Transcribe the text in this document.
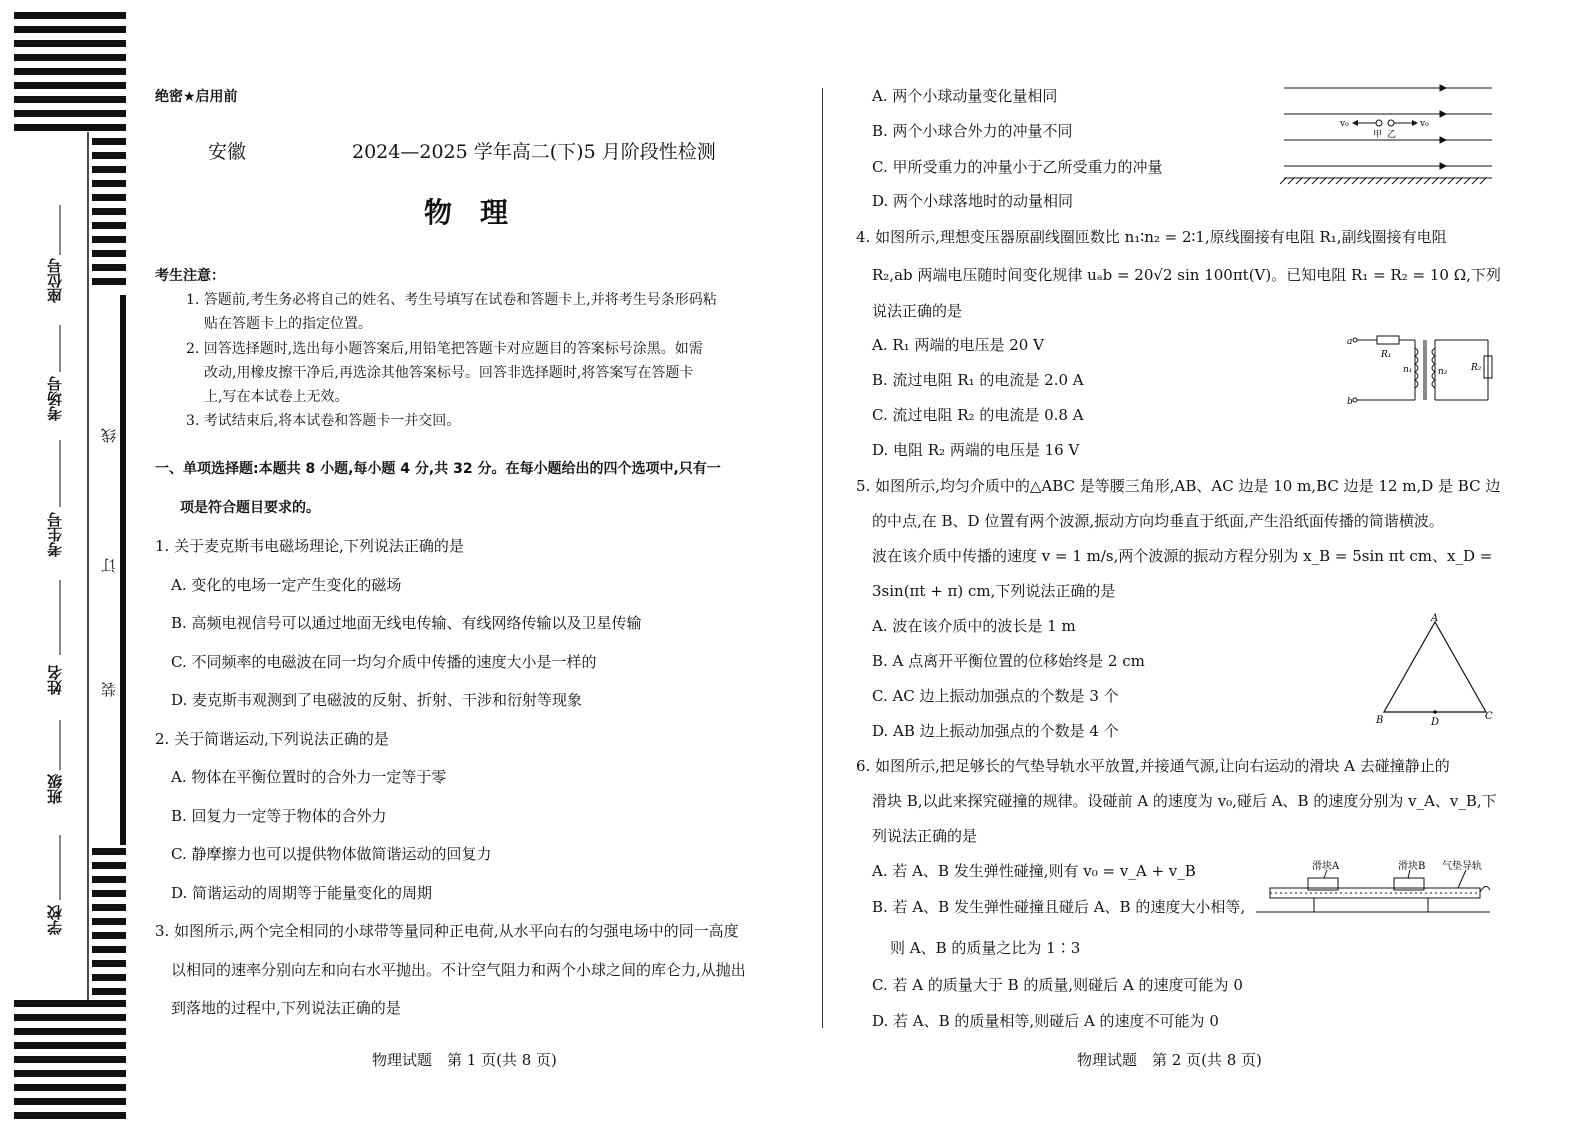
座位号
考场号
考生号
姓名
班级
学校
线
订
装
绝密★启用前
安徽	2024—2025 学年高二(下)5 月阶段性检测
物　理
考生注意：
1. 答题前,考生务必将自己的姓名、考生号填写在试卷和答题卡上,并将考生号条形码粘
贴在答题卡上的指定位置。
2. 回答选择题时,选出每小题答案后,用铅笔把答题卡对应题目的答案标号涂黑。如需
改动,用橡皮擦干净后,再选涂其他答案标号。回答非选择题时,将答案写在答题卡
上,写在本试卷上无效。
3. 考试结束后,将本试卷和答题卡一并交回。
一、单项选择题:本题共 8 小题,每小题 4 分,共 32 分。在每小题给出的四个选项中,只有一
项是符合题目要求的。
1. 关于麦克斯韦电磁场理论,下列说法正确的是
A. 变化的电场一定产生变化的磁场
B. 高频电视信号可以通过地面无线电传输、有线网络传输以及卫星传输
C. 不同频率的电磁波在同一均匀介质中传播的速度大小是一样的
D. 麦克斯韦观测到了电磁波的反射、折射、干涉和衍射等现象
2. 关于简谐运动,下列说法正确的是
A. 物体在平衡位置时的合外力一定等于零
B. 回复力一定等于物体的合外力
C. 静摩擦力也可以提供物体做简谐运动的回复力
D. 简谐运动的周期等于能量变化的周期
3. 如图所示,两个完全相同的小球带等量同种正电荷,从水平向右的匀强电场中的同一高度
以相同的速率分别向左和向右水平抛出。不计空气阻力和两个小球之间的库仑力,从抛出
到落地的过程中,下列说法正确的是
物理试题　第 1 页(共 8 页)
A. 两个小球动量变化量相同
B. 两个小球合外力的冲量不同
C. 甲所受重力的冲量小于乙所受重力的冲量
D. 两个小球落地时的动量相同
v₀	v₀
甲 乙
4. 如图所示,理想变压器原副线圈匝数比 n₁∶n₂ = 2∶1,原线圈接有电阻 R₁,副线圈接有电阻
R₂,ab 两端电压随时间变化规律 uₐb = 20√2 sin 100πt(V)。已知电阻 R₁ = R₂ = 10 Ω,下列
说法正确的是
A. R₁ 两端的电压是 20 V
B. 流过电阻 R₁ 的电流是 2.0 A
C. 流过电阻 R₂ 的电流是 0.8 A
D. 电阻 R₂ 两端的电压是 16 V
a
b
R₁
R₂
n₁	n₂
5. 如图所示,均匀介质中的△ABC 是等腰三角形,AB、AC 边是 10 m,BC 边是 12 m,D 是 BC 边
的中点,在 B、D 位置有两个波源,振动方向均垂直于纸面,产生沿纸面传播的简谐横波。
波在该介质中传播的速度 v = 1 m/s,两个波源的振动方程分别为 x_B = 5sin πt cm、x_D =
3sin(πt + π) cm,下列说法正确的是
A. 波在该介质中的波长是 1 m
B. A 点离开平衡位置的位移始终是 2 cm
C. AC 边上振动加强点的个数是 3 个
D. AB 边上振动加强点的个数是 4 个
A
B	C
D
6. 如图所示,把足够长的气垫导轨水平放置,并接通气源,让向右运动的滑块 A 去碰撞静止的
滑块 B,以此来探究碰撞的规律。设碰前 A 的速度为 v₀,碰后 A、B 的速度分别为 v_A、v_B,下
列说法正确的是
A. 若 A、B 发生弹性碰撞,则有 v₀ = v_A + v_B
B. 若 A、B 发生弹性碰撞且碰后 A、B 的速度大小相等,
则 A、B 的质量之比为 1∶3
C. 若 A 的质量大于 B 的质量,则碰后 A 的速度可能为 0
D. 若 A、B 的质量相等,则碰后 A 的速度不可能为 0
滑块A	滑块B 气垫导轨
物理试题　第 2 页(共 8 页)
